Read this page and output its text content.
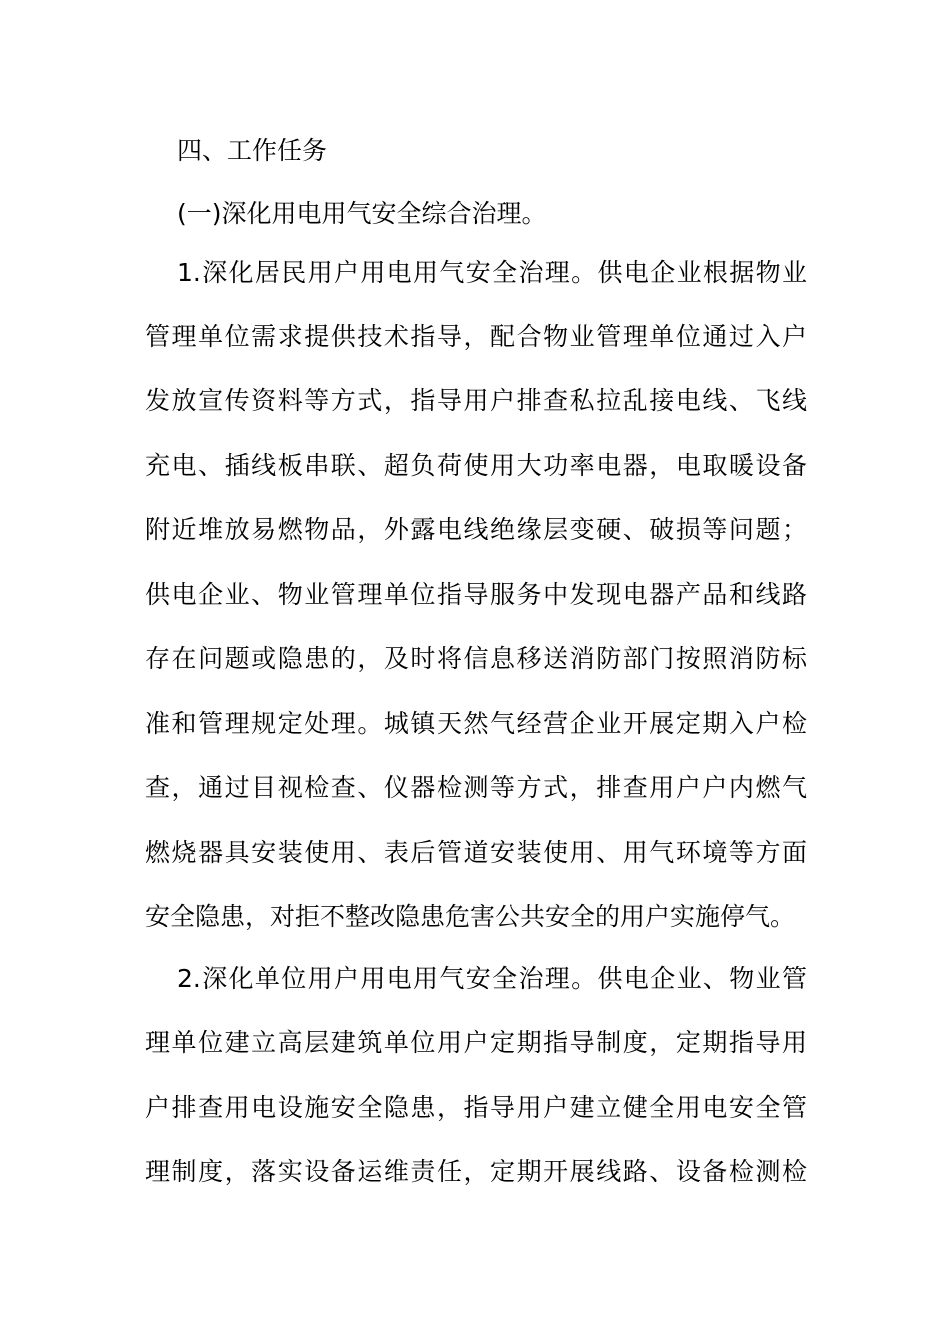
四、工作任务
(一)深化用电用气安全综合治理。
1.深化居民用户用电用气安全治理。供电企业根据物业
管理单位需求提供技术指导，配合物业管理单位通过入户
发放宣传资料等方式，指导用户排查私拉乱接电线、飞线
充电、插线板串联、超负荷使用大功率电器，电取暖设备
附近堆放易燃物品，外露电线绝缘层变硬、破损等问题；
供电企业、物业管理单位指导服务中发现电器产品和线路
存在问题或隐患的，及时将信息移送消防部门按照消防标
准和管理规定处理。城镇天然气经营企业开展定期入户检
查，通过目视检查、仪器检测等方式，排查用户户内燃气
燃烧器具安装使用、表后管道安装使用、用气环境等方面
安全隐患，对拒不整改隐患危害公共安全的用户实施停气。
2.深化单位用户用电用气安全治理。供电企业、物业管
理单位建立高层建筑单位用户定期指导制度，定期指导用
户排查用电设施安全隐患，指导用户建立健全用电安全管
理制度，落实设备运维责任，定期开展线路、设备检测检
